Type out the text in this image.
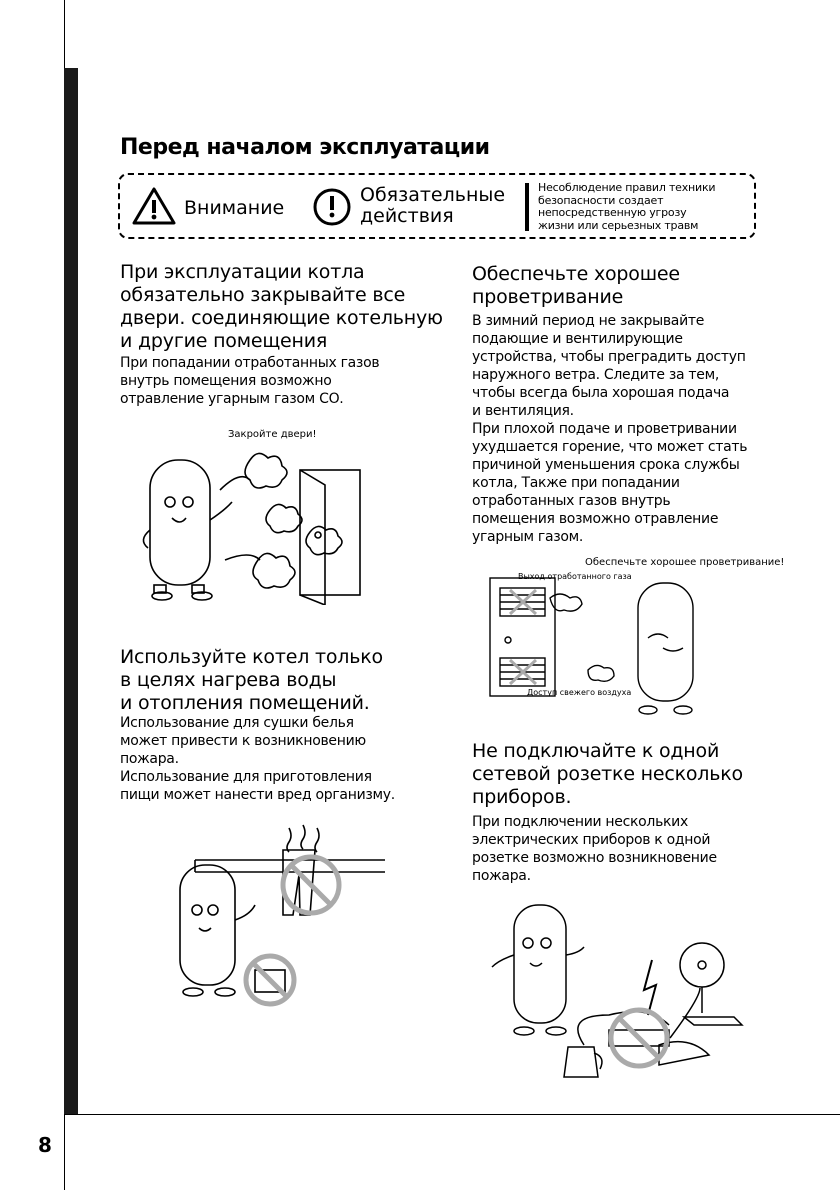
8
Перед началом эксплуатации
Внимание
Обязательные
действия
Несоблюдение правил техники
безопасности создает
непосредственную угрозу
жизни или серьезных травм
При эксплуатации котла
обязательно закрывайте все
двери. соединяющие котельную
и другие помещения
При попадании отработанных газов
внутрь помещения возможно
отравление угарным газом СО.
Закройте двери!
Используйте котел только
в целях нагрева воды
и отопления помещений.
Использование для сушки белья
может привести к возникновению
пожара.
Использование для приготовления
пищи может нанести вред организму.
Обеспечьте хорошее
проветривание
В зимний период не закрывайте
подающие и вентилирующие
устройства, чтобы преградить доступ
наружного ветра. Следите за тем,
чтобы всегда была хорошая подача
и вентиляция.
При плохой подаче и проветривании
ухудшается горение, что может стать
причиной уменьшения срока службы
котла, Также при попадании
отработанных газов внутрь
помещения возможно отравление
угарным газом.
Обеспечьте хорошее проветривание!
Выход отработанного газа
Доступ свежего воздуха
Не подключайте к одной
сетевой розетке несколько
приборов.
При подключении нескольких
электрических приборов к одной
розетке возможно возникновение
пожара.
